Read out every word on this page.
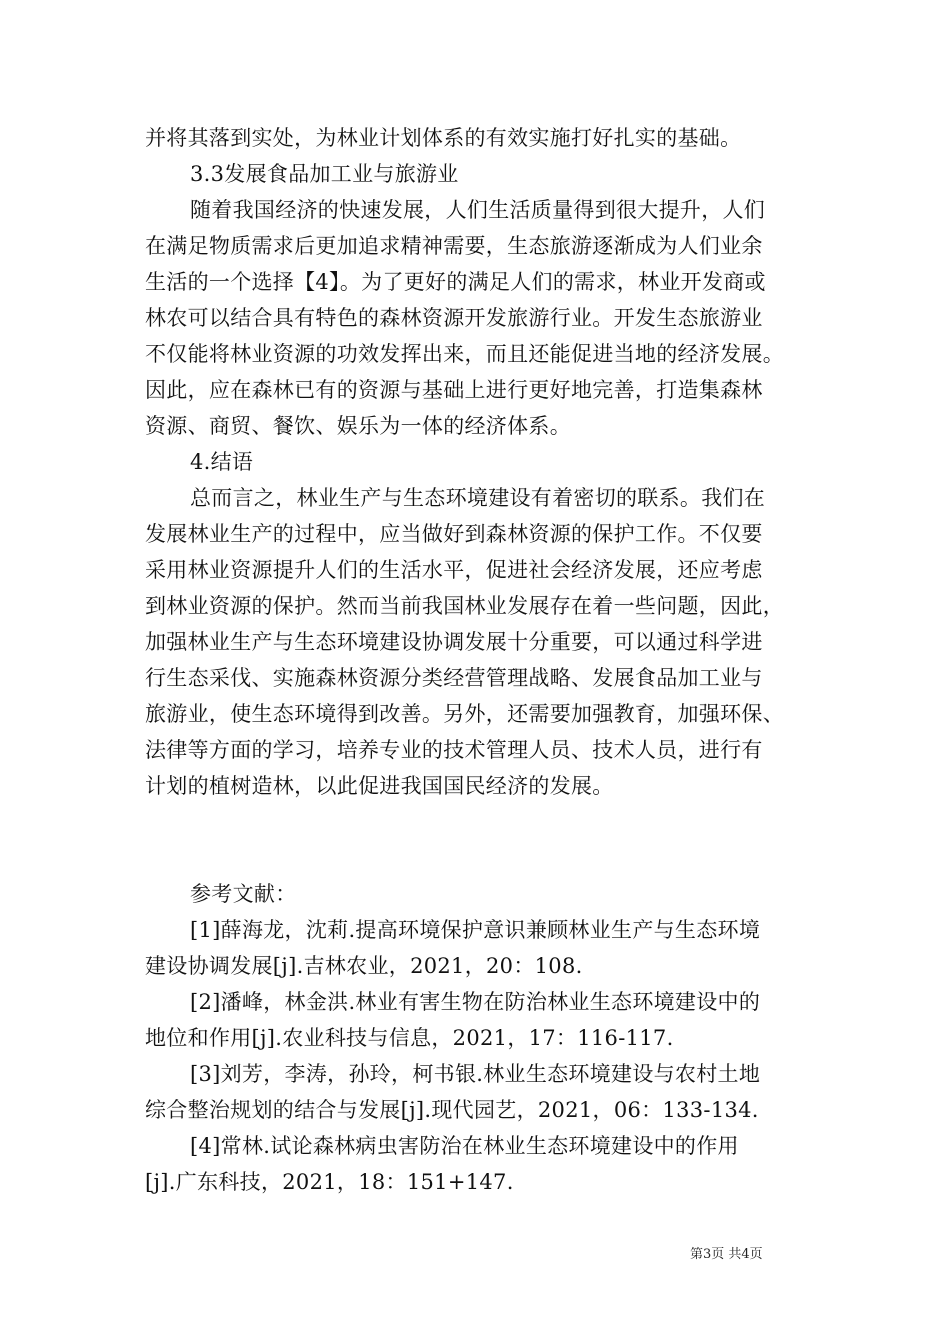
并将其落到实处，为林业计划体系的有效实施打好扎实的基础。
3.3发展食品加工业与旅游业
随着我国经济的快速发展，人们生活质量得到很大提升，人们
在满足物质需求后更加追求精神需要，生态旅游逐渐成为人们业余
生活的一个选择【4】。为了更好的满足人们的需求，林业开发商或
林农可以结合具有特色的森林资源开发旅游行业。开发生态旅游业
不仅能将林业资源的功效发挥出来，而且还能促进当地的经济发展。
因此，应在森林已有的资源与基础上进行更好地完善，打造集森林
资源、商贸、餐饮、娱乐为一体的经济体系。
4.结语
总而言之，林业生产与生态环境建设有着密切的联系。我们在
发展林业生产的过程中，应当做好到森林资源的保护工作。不仅要
采用林业资源提升人们的生活水平，促进社会经济发展，还应考虑
到林业资源的保护。然而当前我国林业发展存在着一些问题，因此，
加强林业生产与生态环境建设协调发展十分重要，可以通过科学进
行生态采伐、实施森林资源分类经营管理战略、发展食品加工业与
旅游业，使生态环境得到改善。另外，还需要加强教育，加强环保、
法律等方面的学习，培养专业的技术管理人员、技术人员，进行有
计划的植树造林，以此促进我国国民经济的发展。
参考文献：
[1]薛海龙，沈莉.提高环境保护意识兼顾林业生产与生态环境
建设协调发展[j].吉林农业，2021，20：108.
[2]潘峰，林金洪.林业有害生物在防治林业生态环境建设中的
地位和作用[j].农业科技与信息，2021，17：116-117.
[3]刘芳，李涛，孙玲，柯书银.林业生态环境建设与农村土地
综合整治规划的结合与发展[j].现代园艺，2021，06：133-134.
[4]常林.试论森林病虫害防治在林业生态环境建设中的作用
[j].广东科技，2021，18：151+147.
第3页 共4页
